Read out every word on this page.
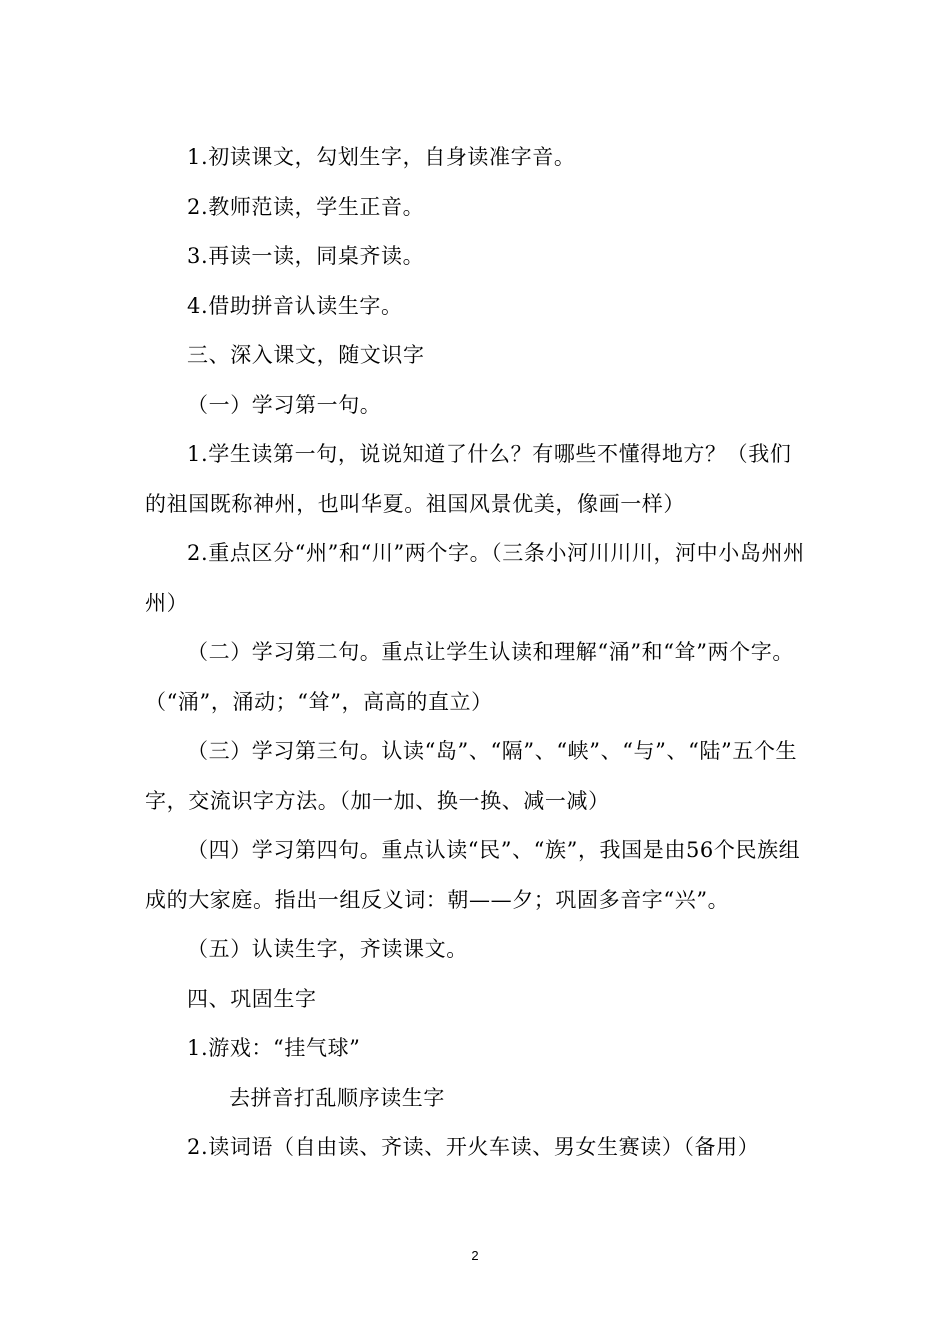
1.初读课文，勾划生字，自身读准字音。

2.教师范读，学生正音。

3.再读一读，同桌齐读。

4.借助拼音认读生字。

三、深入课文，随文识字

（一）学习第一句。

1.学生读第一句，说说知道了什么？有哪些不懂得地方？（我们的祖国既称神州，也叫华夏。祖国风景优美，像画一样）

2.重点区分“州”和“川”两个字。（三条小河川川川，河中小岛州州州）

（二）学习第二句。重点让学生认读和理解“涌”和“耸”两个字。（“涌”，涌动；“耸”，高高的直立）

（三）学习第三句。认读“岛”、“隔”、“峡”、“与”、“陆”五个生字，交流识字方法。（加一加、换一换、减一减）

（四）学习第四句。重点认读“民”、“族”，我国是由56个民族组成的大家庭。指出一组反义词：朝——夕；巩固多音字“兴”。

（五）认读生字，齐读课文。

四、巩固生字

1.游戏：“挂气球”

去拼音打乱顺序读生字

2.读词语（自由读、齐读、开火车读、男女生赛读）（备用）

2
